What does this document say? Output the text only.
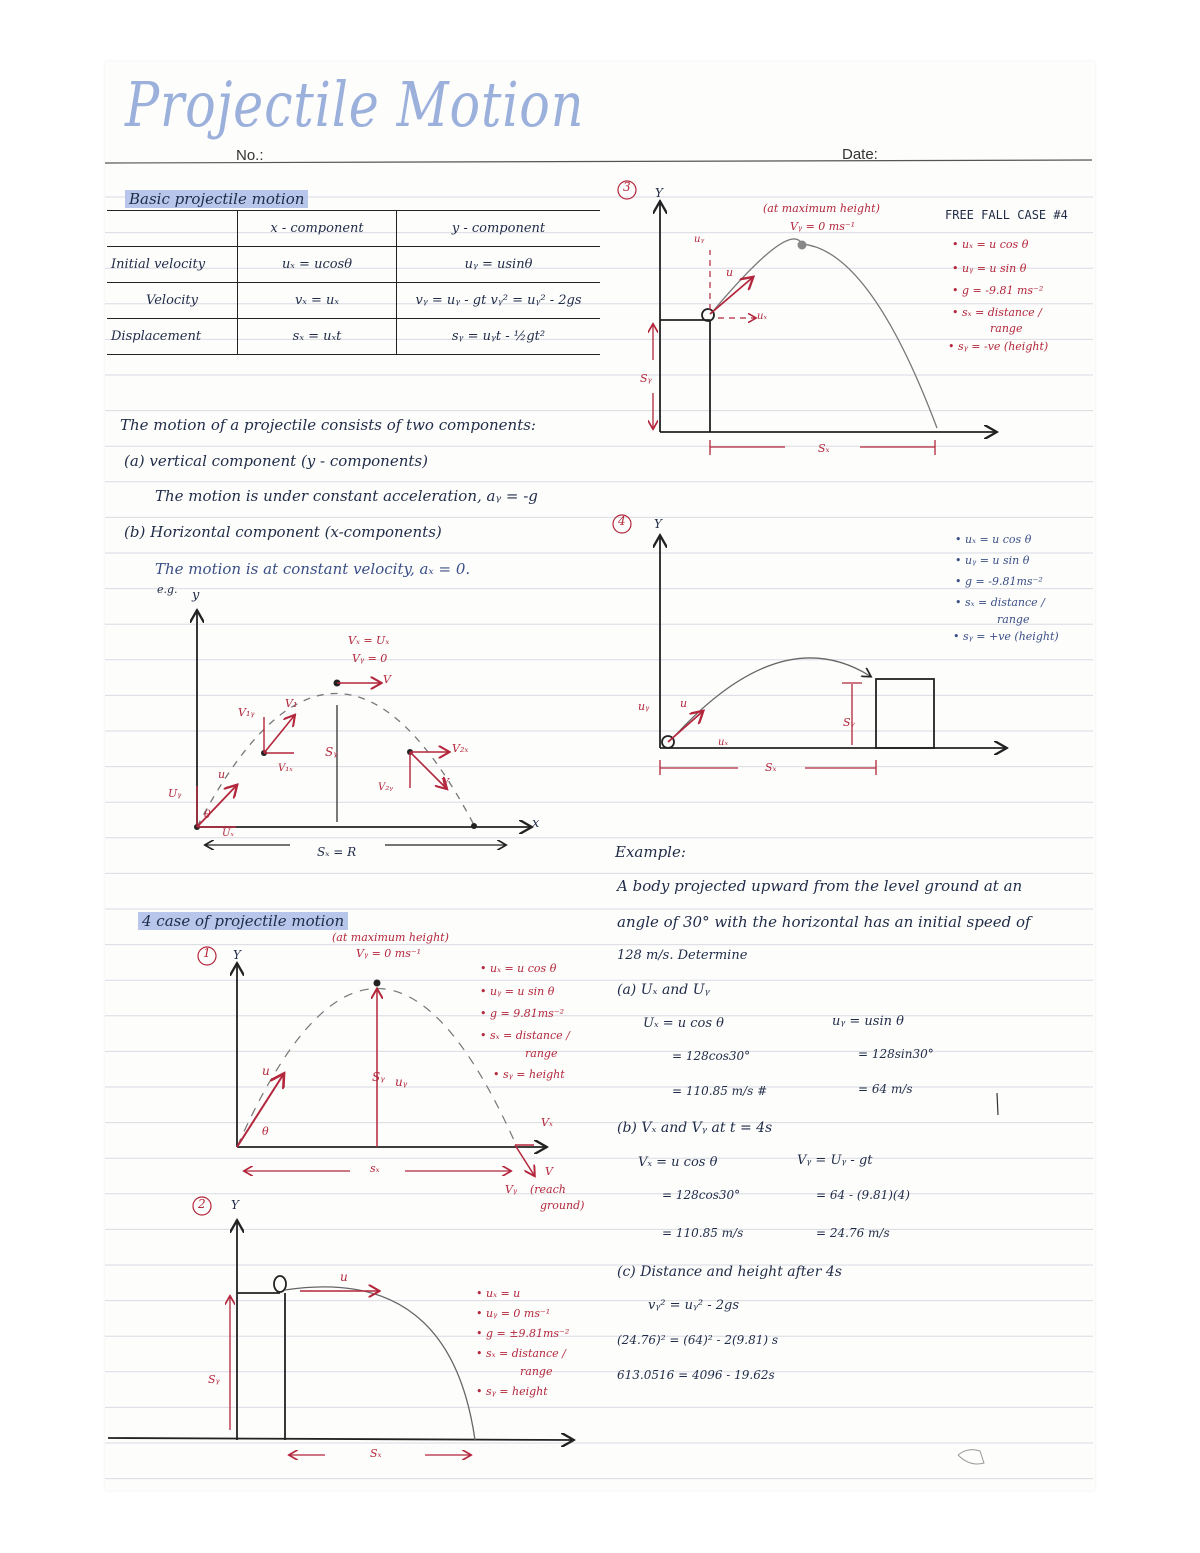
Projectile Motion
No.:	Date:
Basic projectile motion
	x - component	y - component
Initial velocity	uₓ = ucosθ	uᵧ = usinθ
Velocity	vₓ = uₓ	vᵧ = uᵧ - gt vᵧ² = uᵧ² - 2gs
Displacement	sₓ = uₓt	sᵧ = uᵧt - ½gt²
The motion of a projectile consists of two components:
(a) vertical component (y - components)
The motion is under constant acceleration, aᵧ = -g
(b) Horizontal component (x-components)
The motion is at constant velocity, aₓ = 0.
e.g. y
x
Vₓ = Uₓ
Vᵧ = 0
V
V₁
V₁ᵧ
V₁ₓ
V₂ₓ
V₂ᵧ	V
Sᵧ
u
Uᵧ
Uₓ
θ
Sₓ = R
4 case of projectile motion
1 Y
(at maximum height)
Vᵧ = 0 ms⁻¹
u	Sᵧ uᵧ
θ
sₓ
Vₓ
V
Vᵧ (reach
ground)
• uₓ = u cos θ
• uᵧ = u sin θ
• g = 9.81ms⁻²
• sₓ = distance /
range
• sᵧ = height
2 Y
u
Sᵧ
Sₓ
• uₓ = u
• uᵧ = 0 ms⁻¹
• g = ±9.81ms⁻²
• sₓ = distance /
range
• sᵧ = height
3 Y
(at maximum height)
Vᵧ = 0 ms⁻¹
uᵧ
u
uₓ
Sᵧ
Sₓ
FREE FALL CASE #4
• uₓ = u cos θ
• uᵧ = u sin θ
• g = -9.81 ms⁻²
• sₓ = distance /
range
• sᵧ = -ve (height)
4 Y
uᵧ	u
uₓ
Sᵧ
Sₓ
• uₓ = u cos θ
• uᵧ = u sin θ
• g = -9.81ms⁻²
• sₓ = distance /
range
• sᵧ = +ve (height)
Example:
A body projected upward from the level ground at an
angle of 30° with the horizontal has an initial speed of
128 m/s. Determine
(a) Uₓ and Uᵧ
Uₓ = u cos θ
= 128cos30°
= 110.85 m/s #
uᵧ = usin θ
= 128sin30°
= 64 m/s
(b) Vₓ and Vᵧ at t = 4s
Vₓ = u cos θ
= 128cos30°
= 110.85 m/s
Vᵧ = Uᵧ - gt
= 64 - (9.81)(4)
= 24.76 m/s
(c) Distance and height after 4s
vᵧ² = uᵧ² - 2gs
(24.76)² = (64)² - 2(9.81) s
613.0516 = 4096 - 19.62s
